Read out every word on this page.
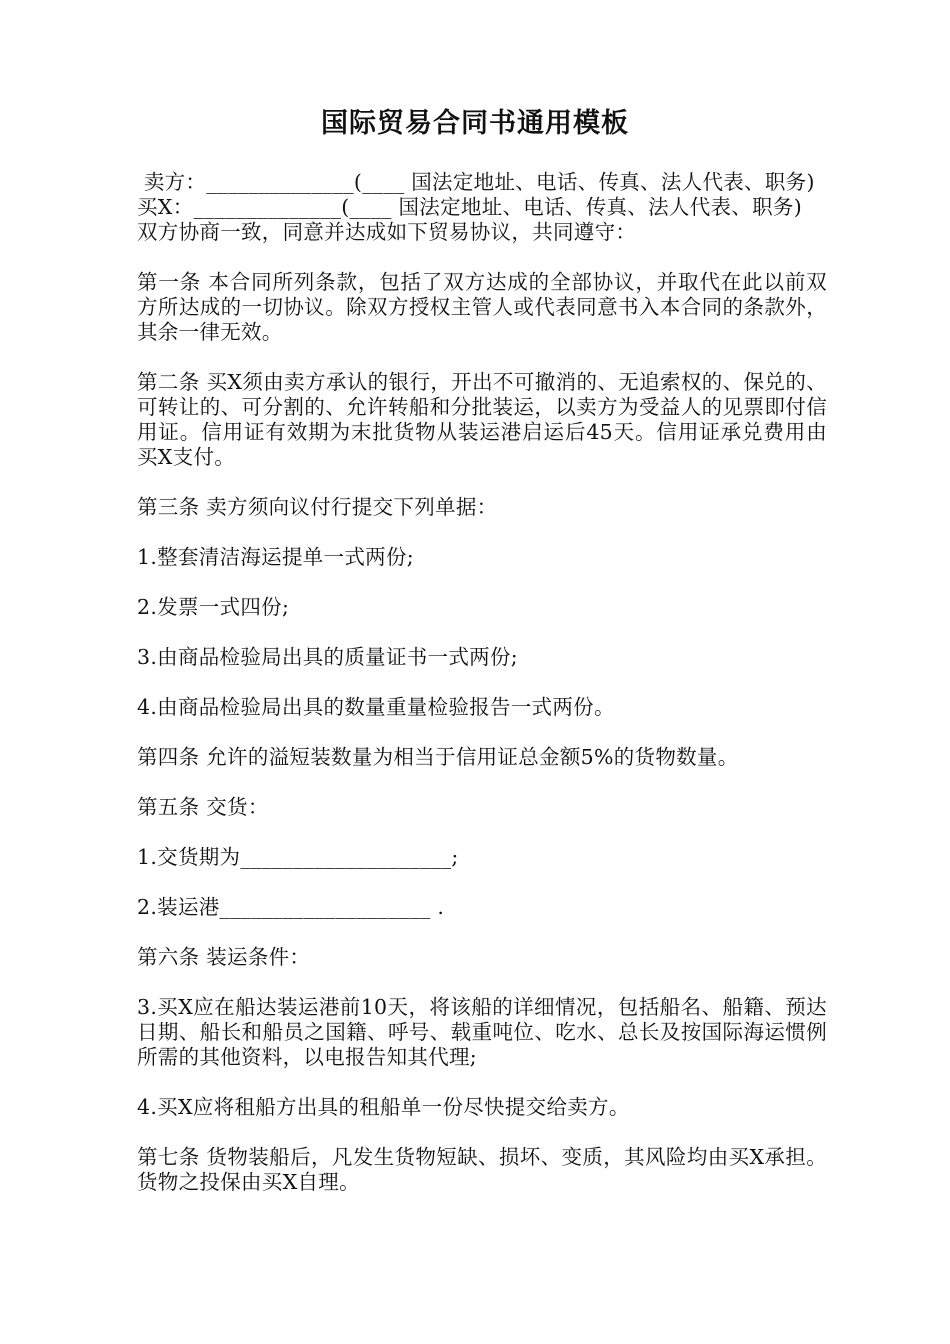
国际贸易合同书通用模板

卖方：______________(____ 国法定地址、电话、传真、法人代表、职务)

买X：______________(____ 国法定地址、电话、传真、法人代表、职务)

双方协商一致，同意并达成如下贸易协议，共同遵守：

第一条 本合同所列条款，包括了双方达成的全部协议，并取代在此以前双方所达成的一切协议。除双方授权主管人或代表同意书入本合同的条款外，其余一律无效。

第二条 买X须由卖方承认的银行，开出不可撤消的、无追索权的、保兑的、可转让的、可分割的、允许转船和分批装运，以卖方为受益人的见票即付信用证。信用证有效期为末批货物从装运港启运后45天。信用证承兑费用由买X支付。

第三条 卖方须向议付行提交下列单据：

1.整套清洁海运提单一式两份;

2.发票一式四份;

3.由商品检验局出具的质量证书一式两份;

4.由商品检验局出具的数量重量检验报告一式两份。

第四条 允许的溢短装数量为相当于信用证总金额5%的货物数量。

第五条 交货：

1.交货期为____________________;

2.装运港____________________ .

第六条 装运条件：

3.买X应在船达装运港前10天，将该船的详细情况，包括船名、船籍、预达日期、船长和船员之国籍、呼号、载重吨位、吃水、总长及按国际海运惯例所需的其他资料，以电报告知其代理;

4.买X应将租船方出具的租船单一份尽快提交给卖方。

第七条 货物装船后，凡发生货物短缺、损坏、变质，其风险均由买X承担。货物之投保由买X自理。
